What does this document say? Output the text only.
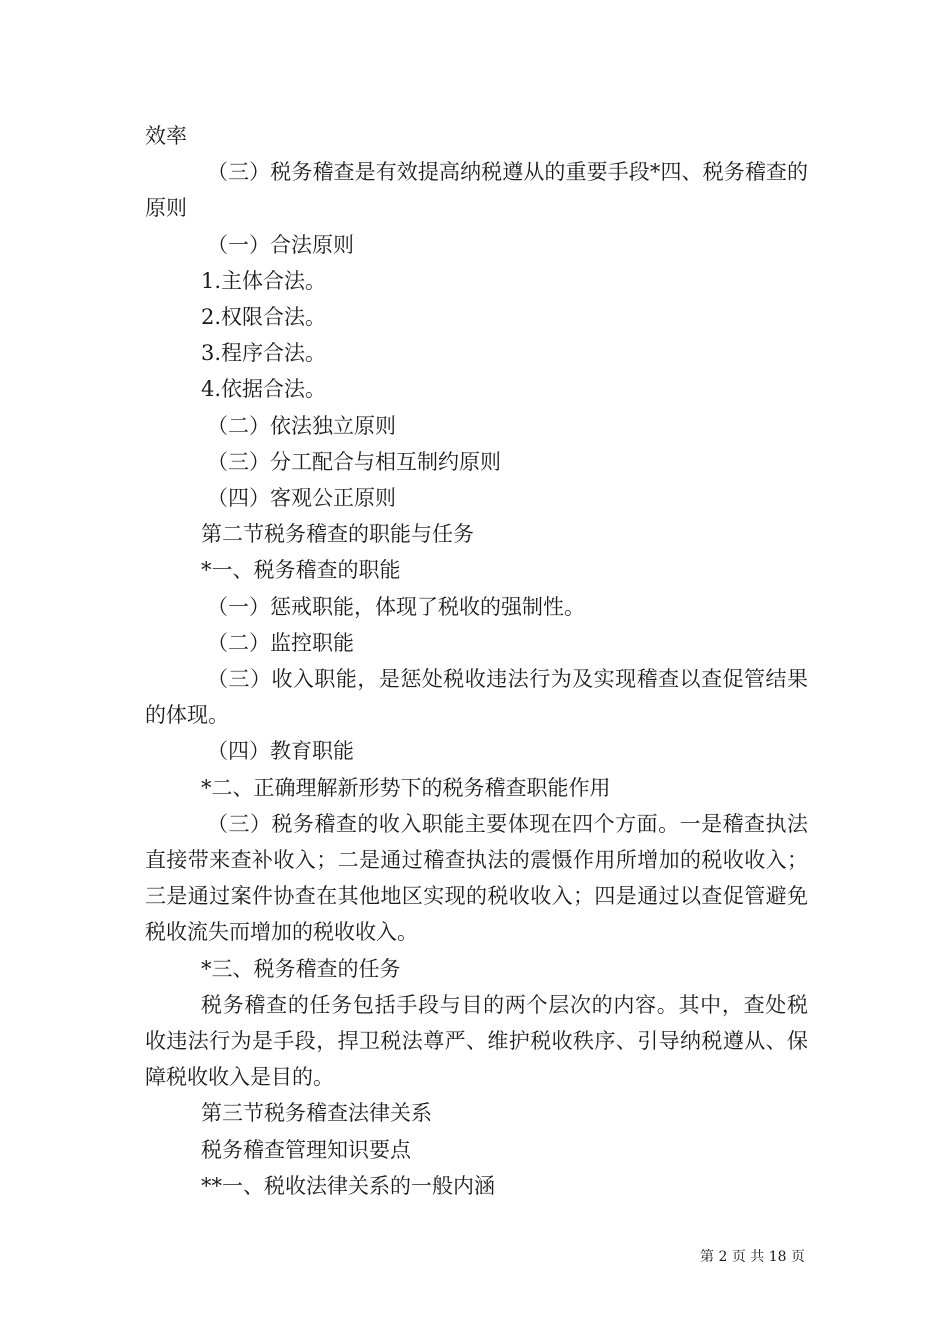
效率

（三）税务稽查是有效提高纳税遵从的重要手段*四、税务稽查的原则

（一）合法原则

1.主体合法。

2.权限合法。

3.程序合法。

4.依据合法。

（二）依法独立原则

（三）分工配合与相互制约原则

（四）客观公正原则

第二节税务稽查的职能与任务

*一、税务稽查的职能

（一）惩戒职能，体现了税收的强制性。

（二）监控职能

（三）收入职能，是惩处税收违法行为及实现稽查以查促管结果的体现。

（四）教育职能

*二、正确理解新形势下的税务稽查职能作用

（三）税务稽查的收入职能主要体现在四个方面。一是稽查执法直接带来查补收入；二是通过稽查执法的震慑作用所增加的税收收入；三是通过案件协查在其他地区实现的税收收入；四是通过以查促管避免税收流失而增加的税收收入。

*三、税务稽查的任务

税务稽查的任务包括手段与目的两个层次的内容。其中，查处税收违法行为是手段，捍卫税法尊严、维护税收秩序、引导纳税遵从、保障税收收入是目的。

第三节税务稽查法律关系

税务稽查管理知识要点

**一、税收法律关系的一般内涵

第 2 页 共 18 页
